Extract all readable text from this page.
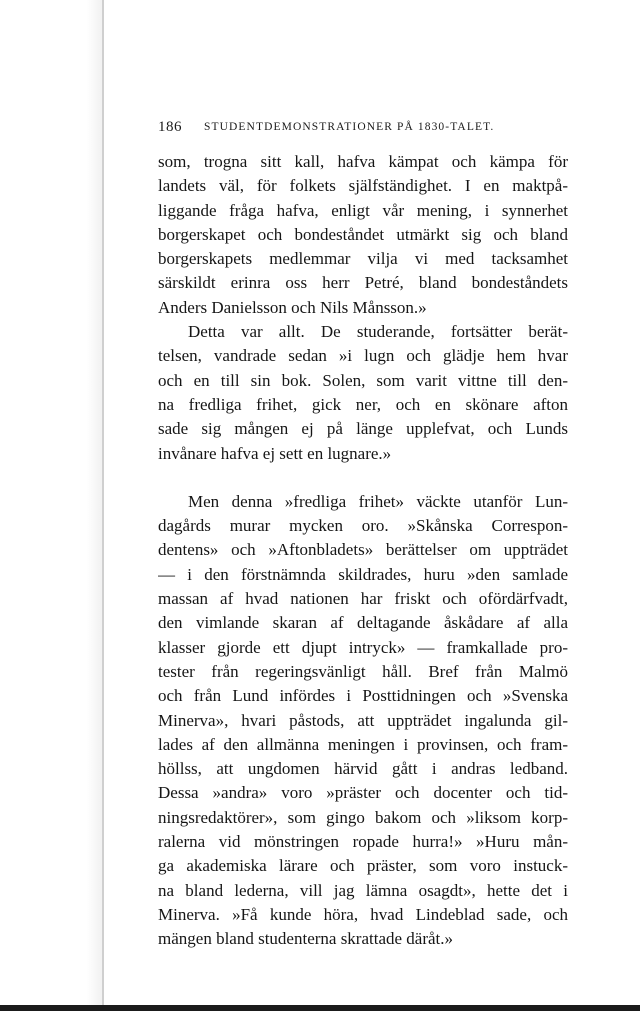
186 STUDENTDEMONSTRATIONER PÅ 1830-TALET.
som, trogna sitt kall, hafva kämpat och kämpa för
landets väl, för folkets själfständighet. I en maktpå-
liggande fråga hafva, enligt vår mening, i synnerhet
borgerskapet och bondeståndet utmärkt sig och bland
borgerskapets medlemmar vilja vi med tacksamhet
särskildt erinra oss herr Petré, bland bondeståndets
Anders Danielsson och Nils Månsson.»
Detta var allt. De studerande, fortsätter berät-
telsen, vandrade sedan »i lugn och glädje hem hvar
och en till sin bok. Solen, som varit vittne till den-
na fredliga frihet, gick ner, och en skönare afton
sade sig mången ej på länge upplefvat, och Lunds
invånare hafva ej sett en lugnare.»
Men denna »fredliga frihet» väckte utanför Lun-
dagårds murar mycken oro. »Skånska Correspon-
dentens» och »Aftonbladets» berättelser om uppträdet
— i den förstnämnda skildrades, huru »den samlade
massan af hvad nationen har friskt och ofördärfvadt,
den vimlande skaran af deltagande åskådare af alla
klasser gjorde ett djupt intryck» — framkallade pro-
tester från regeringsvänligt håll. Bref från Malmö
och från Lund infördes i Posttidningen och »Svenska
Minerva», hvari påstods, att uppträdet ingalunda gil-
lades af den allmänna meningen i provinsen, och fram-
höllss, att ungdomen härvid gått i andras ledband.
Dessa »andra» voro »präster och docenter och tid-
ningsredaktörer», som gingo bakom och »liksom korp-
ralerna vid mönstringen ropade hurra!» »Huru mån-
ga akademiska lärare och präster, som voro instuck-
na bland lederna, vill jag lämna osagdt», hette det i
Minerva. »Få kunde höra, hvad Lindeblad sade, och
mängen bland studenterna skrattade däråt.»
